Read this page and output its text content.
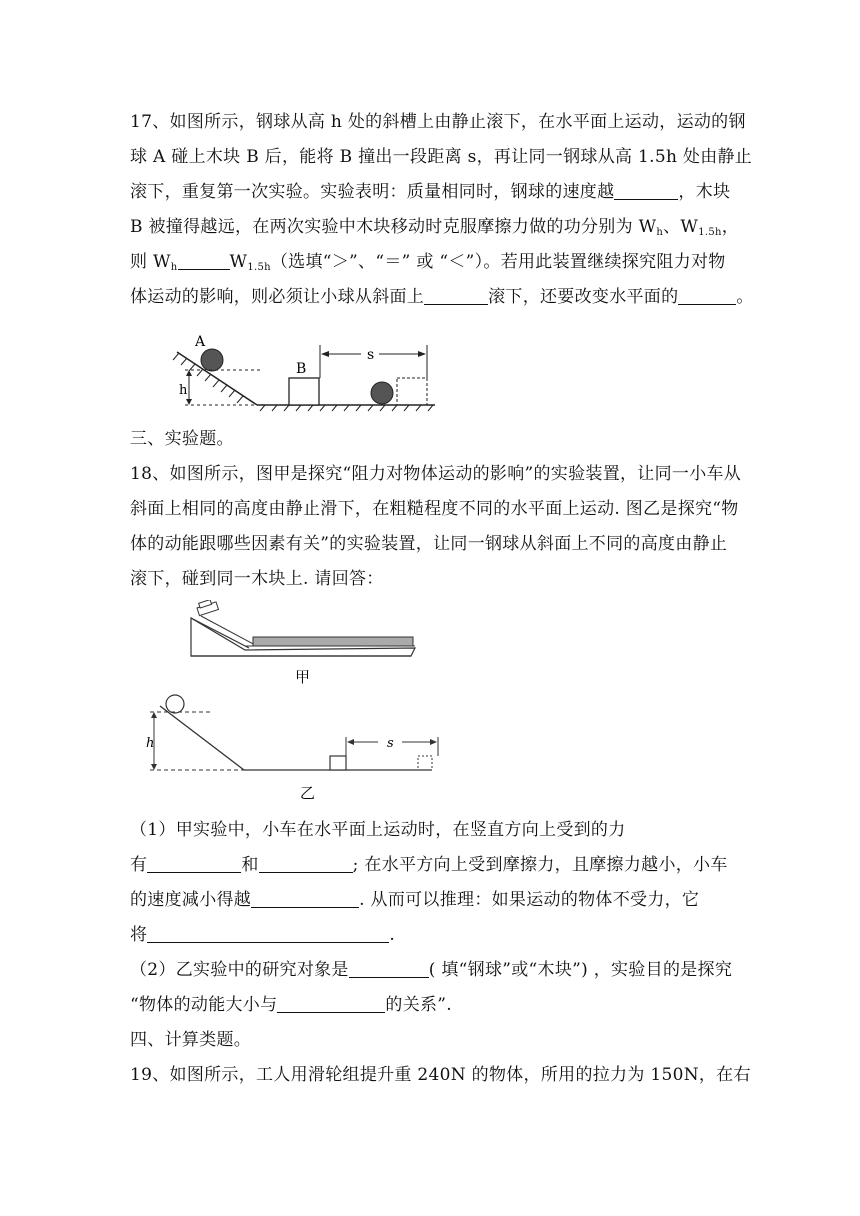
17、如图所示，钢球从高 h 处的斜槽上由静止滚下，在水平面上运动，运动的钢
球 A 碰上木块 B 后，能将 B 撞出一段距离 s，再让同一钢球从高 1.5h 处由静止
滚下，重复第一次实验。实验表明：质量相同时，钢球的速度越	，木块
B 被撞得越远，在两次实验中木块移动时克服摩擦力做的功分别为 $W_h$、$W_{1.5h}$，
则 $W_h$	$W_{1.5h}$（选填“＞”、“＝” 或 “＜”）。若用此装置继续探究阻力对物
体运动的影响，则必须让小球从斜面上	滚下，还要改变水平面的	。
A
h
B
s
三、实验题。
18、如图所示，图甲是探究“阻力对物体运动的影响”的实验装置，让同一小车从
斜面上相同的高度由静止滑下，在粗糙程度不同的水平面上运动. 图乙是探究“物
体的动能跟哪些因素有关”的实验装置，让同一钢球从斜面上不同的高度由静止
滚下，碰到同一木块上. 请回答：
甲
h	s
乙
（1）甲实验中，小车在水平面上运动时，在竖直方向上受到的力
有	和	; 在水平方向上受到摩擦力，且摩擦力越小，小车
的速度减小得越	. 从而可以推理：如果运动的物体不受力，它
将	.
（2）乙实验中的研究对象是	( 填“钢球”或“木块”) ，实验目的是探究
“物体的动能大小与	的关系”.
四、计算类题。
19、如图所示，工人用滑轮组提升重 240N 的物体，所用的拉力为 150N，在右
